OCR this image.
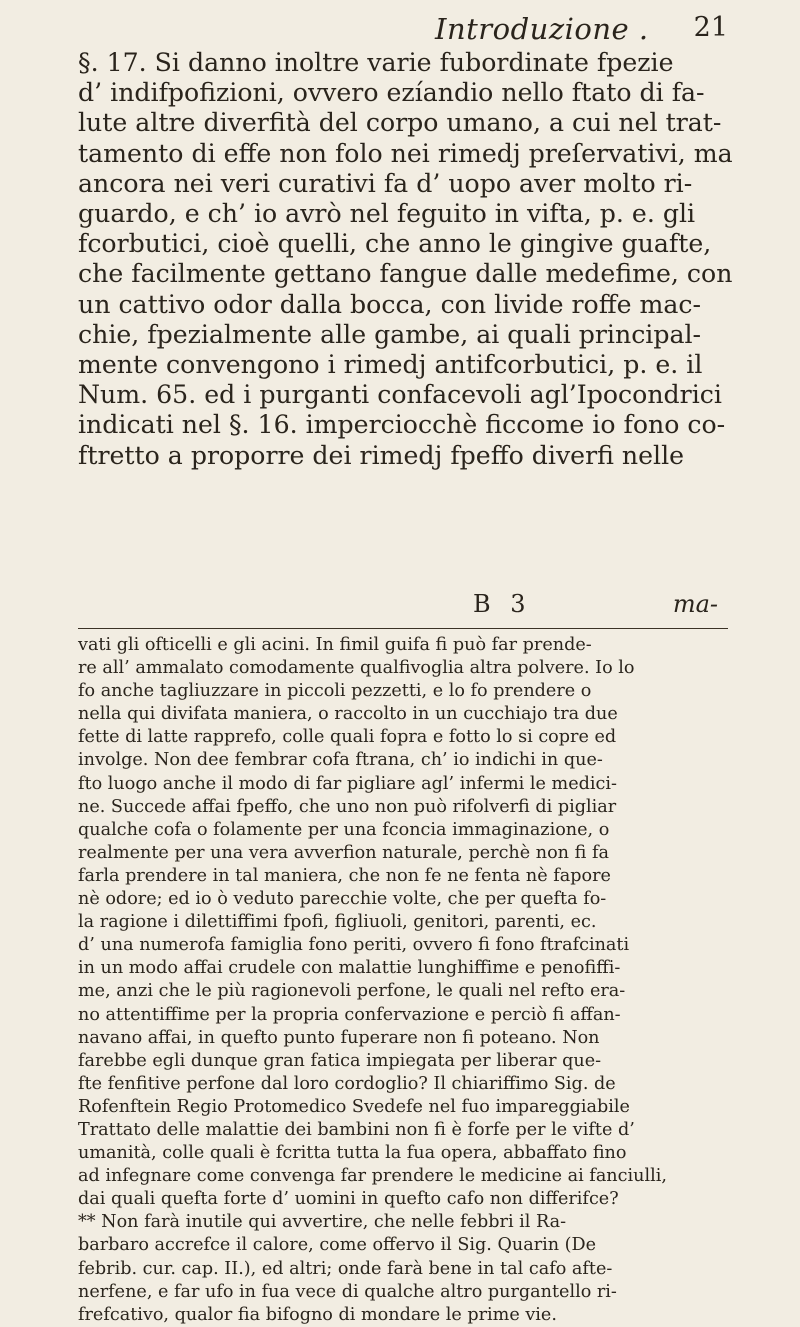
Introduzione . 21
§. 17. Si danno inoltre varie fubordinate fpezie
d’ indifpofizioni, ovvero ezíandio nello ftato di fa-
lute altre diverfità del corpo umano, a cui nel trat-
tamento di effe non folo nei rimedj preſervativi, ma
ancora nei veri curativi fa d’ uopo aver molto ri-
guardo, e ch’ io avrò nel feguito in vifta, p. e. gli
fcorbutici, cioè quelli, che anno le gingive guafte,
che facilmente gettano fangue dalle medefime, con
un cattivo odor dalla bocca, con livide roffe mac-
chie, fpezialmente alle gambe, ai quali principal-
mente convengono i rimedj antifcorbutici, p. e. il
Num. 65. ed i purganti confacevoli agl’Ipocondrici
indicati nel §. 16. imperciocchè ficcome io fono co-
ftretto a proporre dei rimedj fpeffo diverfi nelle
B 3	ma-
vati gli ofticelli e gli acini. In fimil guifa fi può far prende-
re all’ ammalato comodamente qualfivoglia altra polvere. Io lo
fo anche tagliuzzare in piccoli pezzetti, e lo fo prendere o
nella qui divifata maniera, o raccolto in un cucchiajo tra due
fette di latte rapprefo, colle quali fopra e fotto lo si copre ed
involge. Non dee fembrar cofa ftrana, ch’ io indichi in que-
fto luogo anche il modo di far pigliare agl’ infermi le medici-
ne. Succede affai fpeffo, che uno non può rifolverfi di pigliar
qualche cofa o folamente per una fconcia immaginazione, o
realmente per una vera avverfion naturale, perchè non fi fa
farla prendere in tal maniera, che non fe ne fenta nè fapore
nè odore; ed io ò veduto parecchie volte, che per quefta fo-
la ragione i dilettiffimi fpofi, figliuoli, genitori, parenti, ec.
d’ una numerofa famiglia fono periti, ovvero fi fono ftrafcinati
in un modo affai crudele con malattie lunghiffime e penofiffi-
me, anzi che le più ragionevoli perfone, le quali nel refto era-
no attentiffime per la propria confervazione e perciò fi affan-
navano affai, in quefto punto fuperare non fi poteano. Non
farebbe egli dunque gran fatica impiegata per liberar que-
fte fenfitive perfone dal loro cordoglio? Il chiariffimo Sig. de
Rofenftein Regio Protomedico Svedefe nel fuo impareggiabile
Trattato delle malattie dei bambini non fi è forfe per le vifte d’
umanità, colle quali è fcritta tutta la fua opera, abbaffato fino
ad infegnare come convenga far prendere le medicine ai fanciulli,
dai quali quefta forte d’ uomini in quefto cafo non differifce?
** Non farà inutile qui avvertire, che nelle febbri il Ra-
barbaro accrefce il calore, come offervo il Sig. Quarin (De
febrib. cur. cap. II.), ed altri; onde farà bene in tal cafo afte-
nerfene, e far ufo in fua vece di qualche altro purgantello ri-
frefcativo, qualor fia bifogno di mondare le prime vie.
